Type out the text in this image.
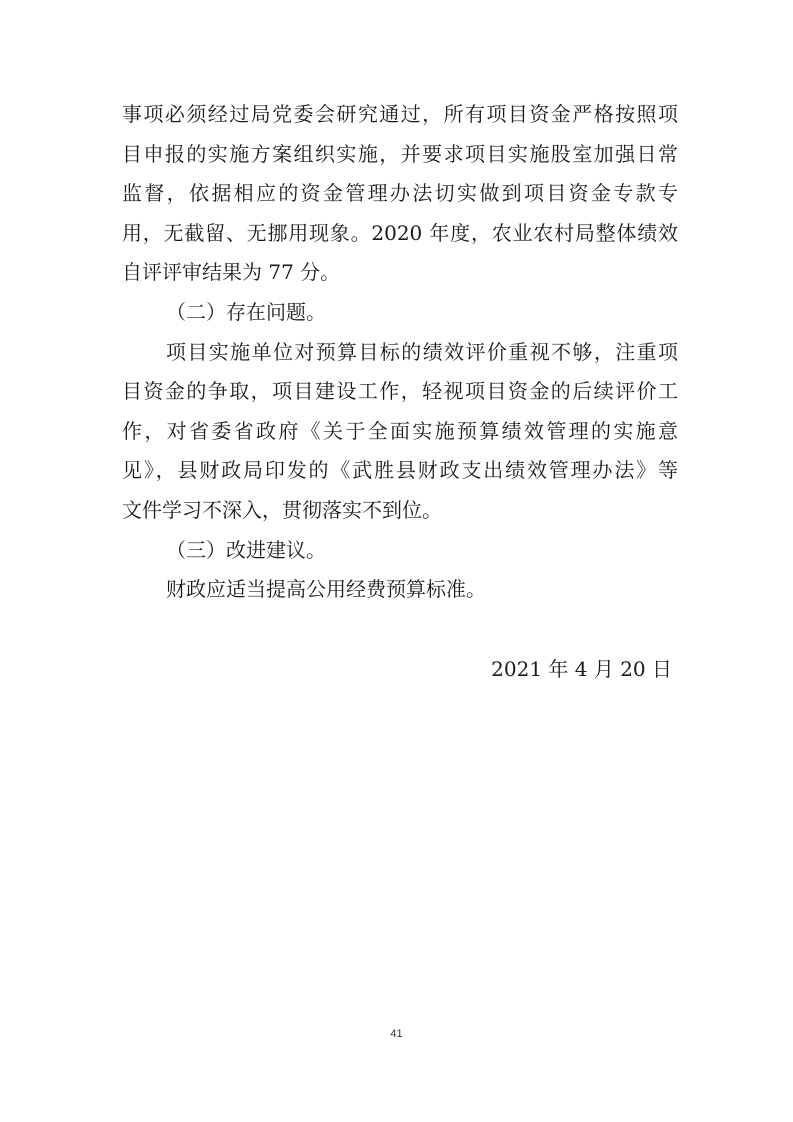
事项必须经过局党委会研究通过，所有项目资金严格按照项
目申报的实施方案组织实施，并要求项目实施股室加强日常
监督，依据相应的资金管理办法切实做到项目资金专款专
用，无截留、无挪用现象。2020 年度，农业农村局整体绩效
自评评审结果为 77 分。
（二）存在问题。
项目实施单位对预算目标的绩效评价重视不够，注重项
目资金的争取，项目建设工作，轻视项目资金的后续评价工
作，对省委省政府《关于全面实施预算绩效管理的实施意
见》，县财政局印发的《武胜县财政支出绩效管理办法》等
文件学习不深入，贯彻落实不到位。
（三）改进建议。
财政应适当提高公用经费预算标准。
2021 年 4 月 20 日
41
